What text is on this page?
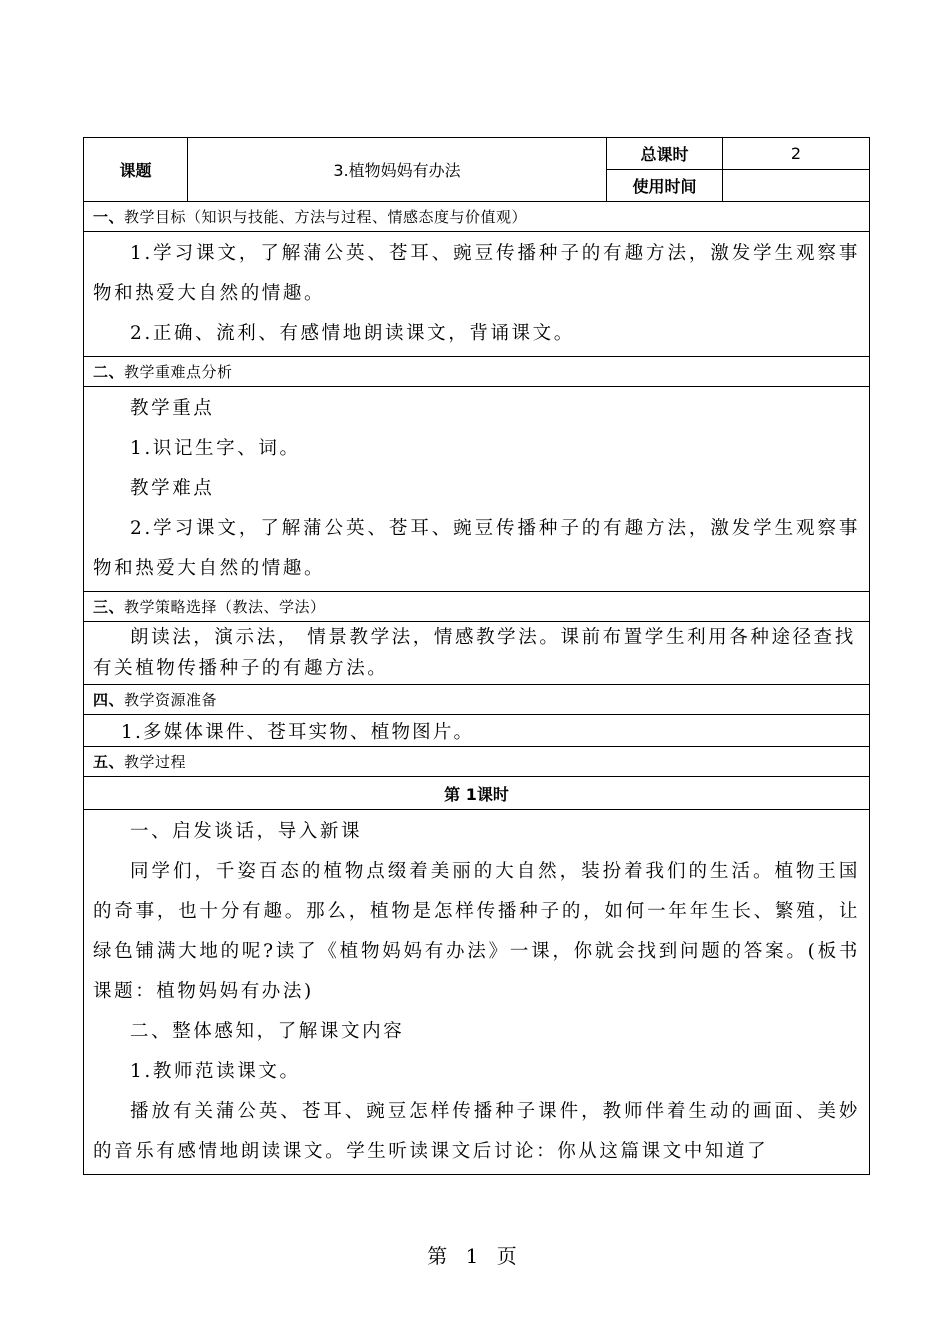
课题	3.植物妈妈有办法	总课时	2
		使用时间	
一、教学目标（知识与技能、方法与过程、情感态度与价值观）			

1.学习课文，了解蒲公英、苍耳、豌豆传播种子的有趣方法，激发学生观察事物和热爱大自然的情趣。

2.正确、流利、有感情地朗读课文，背诵课文。			

二、教学重难点分析			

教学重点

1.识记生字、词。

教学难点

2.学习课文，了解蒲公英、苍耳、豌豆传播种子的有趣方法，激发学生观察事物和热爱大自然的情趣。			

三、教学策略选择（教法、学法）			

朗读法，演示法， 情景教学法，情感教学法。课前布置学生利用各种途径查找有关植物传播种子的有趣方法。			

四、教学资源准备			
1.多媒体课件、苍耳实物、植物图片。			
五、教学过程			
第 1课时			

一、启发谈话，导入新课

同学们，千姿百态的植物点缀着美丽的大自然，装扮着我们的生活。植物王国的奇事，也十分有趣。那么，植物是怎样传播种子的，如何一年年生长、繁殖，让绿色铺满大地的呢?读了《植物妈妈有办法》一课，你就会找到问题的答案。(板书课题：植物妈妈有办法)

二、整体感知，了解课文内容

1.教师范读课文。

播放有关蒲公英、苍耳、豌豆怎样传播种子课件，教师伴着生动的画面、美妙的音乐有感情地朗读课文。学生听读课文后讨论：你从这篇课文中知道了			

第 1 页
